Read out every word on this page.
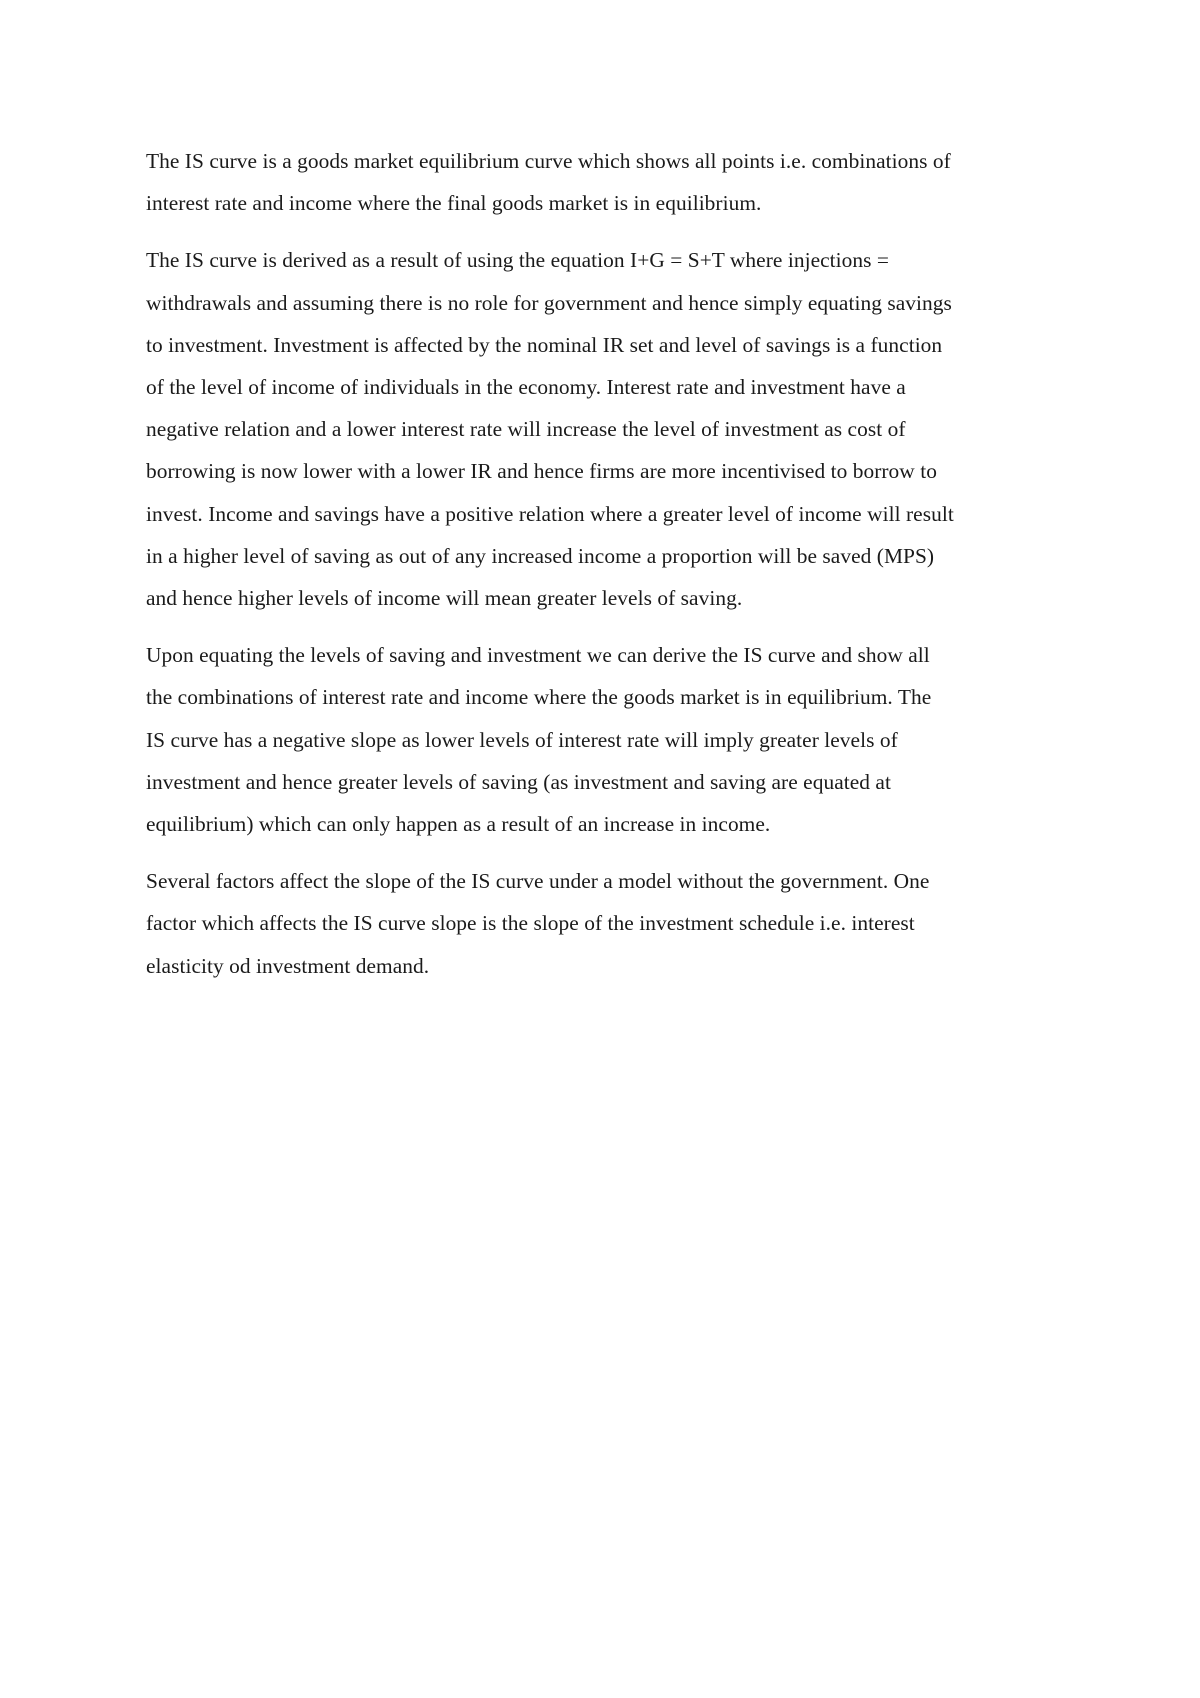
The IS curve is a goods market equilibrium curve which shows all points i.e. combinations of
interest rate and income where the final goods market is in equilibrium.

The IS curve is derived as a result of using the equation I+G = S+T where injections =
withdrawals and assuming there is no role for government and hence simply equating savings
to investment. Investment is affected by the nominal IR set and level of savings is a function
of the level of income of individuals in the economy. Interest rate and investment have a
negative relation and a lower interest rate will increase the level of investment as cost of
borrowing is now lower with a lower IR and hence firms are more incentivised to borrow to
invest. Income and savings have a positive relation where a greater level of income will result
in a higher level of saving as out of any increased income a proportion will be saved (MPS)
and hence higher levels of income will mean greater levels of saving.

Upon equating the levels of saving and investment we can derive the IS curve and show all
the combinations of interest rate and income where the goods market is in equilibrium. The
IS curve has a negative slope as lower levels of interest rate will imply greater levels of
investment and hence greater levels of saving (as investment and saving are equated at
equilibrium) which can only happen as a result of an increase in income.

Several factors affect the slope of the IS curve under a model without the government. One
factor which affects the IS curve slope is the slope of the investment schedule i.e. interest
elasticity od investment demand.
